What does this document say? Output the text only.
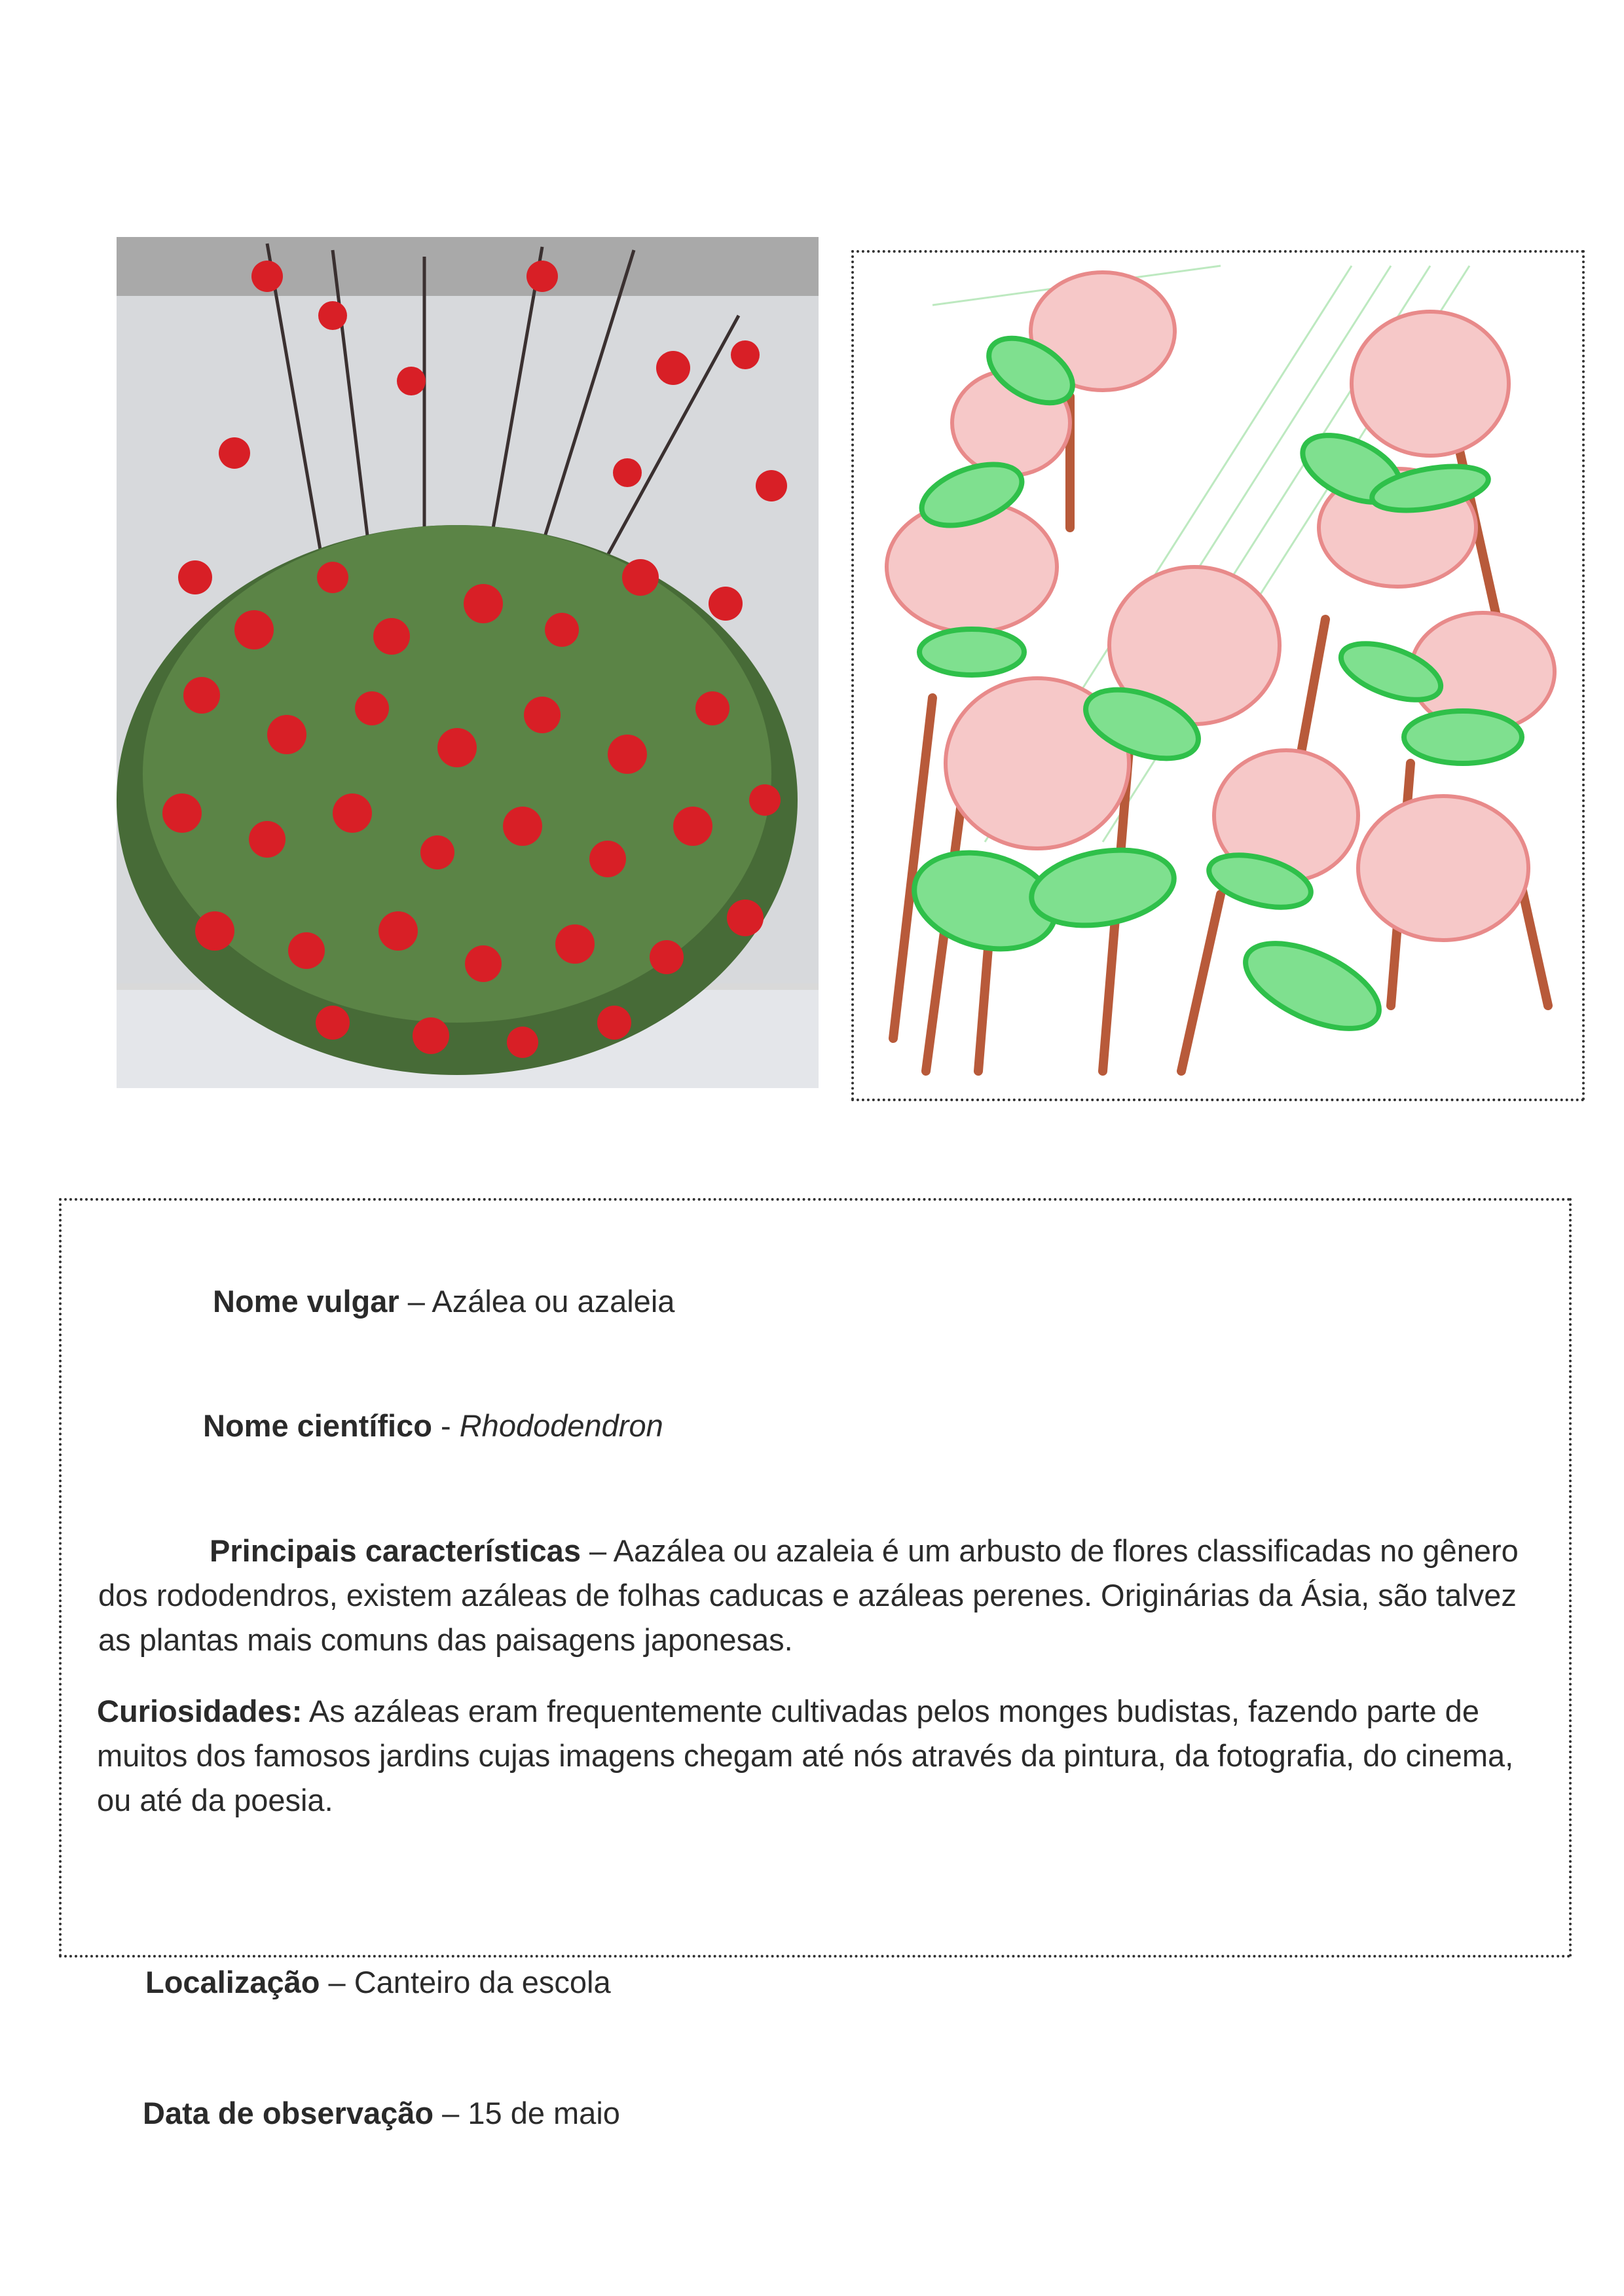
Nome vulgar – Azálea ou azaleia
Nome científico - Rhododendron
Principais características – Aazálea ou azaleia é um arbusto de flores classificadas no gênero dos rododendros, existem azáleas de folhas caducas e azáleas perenes. Originárias da Ásia, são talvez as plantas mais comuns das paisagens japonesas.
Curiosidades: As azáleas eram frequentemente cultivadas pelos monges budistas, fazendo parte de muitos dos famosos jardins cujas imagens chegam até nós através da pintura, da fotografia, do cinema, ou até da poesia.
Localização – Canteiro da escola
Data de observação – 15 de maio
